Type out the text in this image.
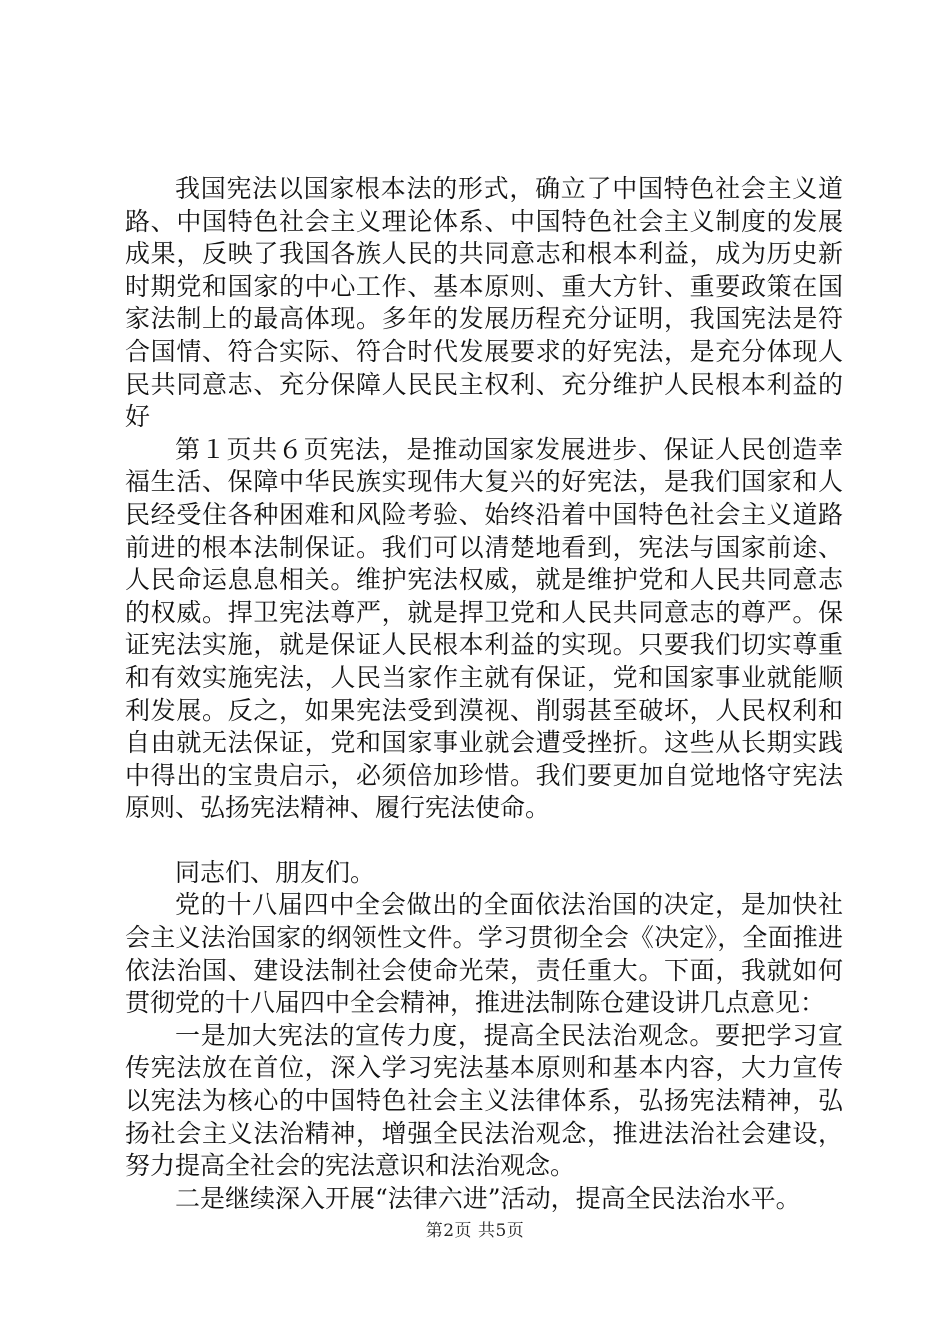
我国宪法以国家根本法的形式，确立了中国特色社会主义道路、中国特色社会主义理论体系、中国特色社会主义制度的发展成果，反映了我国各族人民的共同意志和根本利益，成为历史新时期党和国家的中心工作、基本原则、重大方针、重要政策在国家法制上的最高体现。多年的发展历程充分证明，我国宪法是符合国情、符合实际、符合时代发展要求的好宪法，是充分体现人民共同意志、充分保障人民民主权利、充分维护人民根本利益的好

第１页共６页宪法，是推动国家发展进步、保证人民创造幸福生活、保障中华民族实现伟大复兴的好宪法，是我们国家和人民经受住各种困难和风险考验、始终沿着中国特色社会主义道路前进的根本法制保证。我们可以清楚地看到，宪法与国家前途、人民命运息息相关。维护宪法权威，就是维护党和人民共同意志的权威。捍卫宪法尊严，就是捍卫党和人民共同意志的尊严。保证宪法实施，就是保证人民根本利益的实现。只要我们切实尊重和有效实施宪法，人民当家作主就有保证，党和国家事业就能顺利发展。反之，如果宪法受到漠视、削弱甚至破坏，人民权利和自由就无法保证，党和国家事业就会遭受挫折。这些从长期实践中得出的宝贵启示，必须倍加珍惜。我们要更加自觉地恪守宪法原则、弘扬宪法精神、履行宪法使命。

同志们、朋友们。

党的十八届四中全会做出的全面依法治国的决定，是加快社会主义法治国家的纲领性文件。学习贯彻全会《决定》，全面推进依法治国、建设法制社会使命光荣，责任重大。下面，我就如何贯彻党的十八届四中全会精神，推进法制陈仓建设讲几点意见：

一是加大宪法的宣传力度，提高全民法治观念。要把学习宣传宪法放在首位，深入学习宪法基本原则和基本内容，大力宣传以宪法为核心的中国特色社会主义法律体系，弘扬宪法精神，弘扬社会主义法治精神，增强全民法治观念，推进法治社会建设，努力提高全社会的宪法意识和法治观念。

二是继续深入开展“法律六进”活动，提高全民法治水平。

第2页 共5页
